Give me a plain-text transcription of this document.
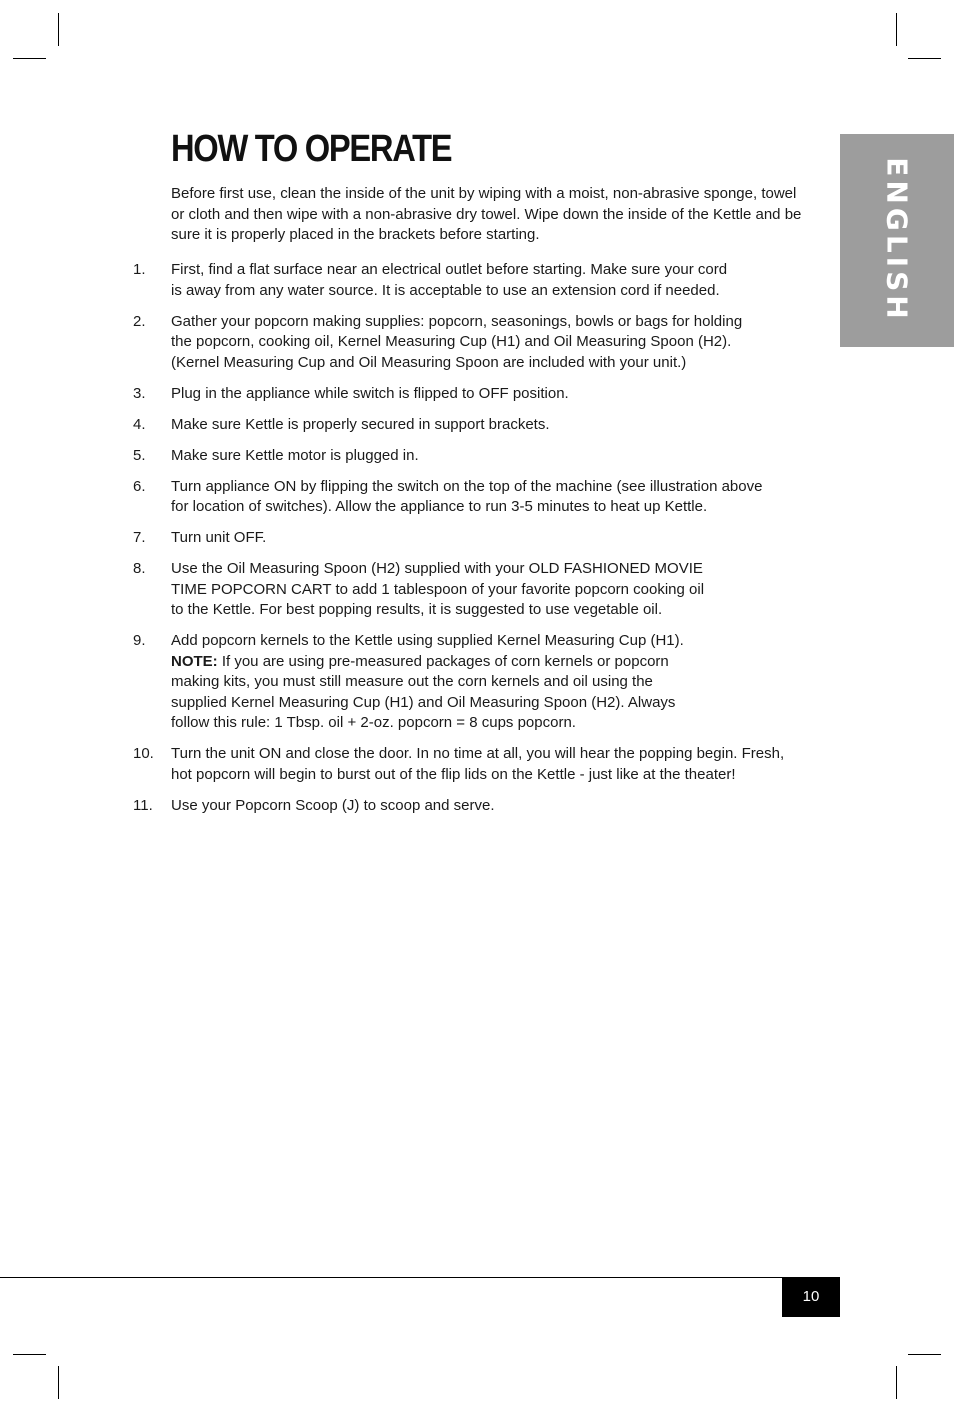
ENGLISH
HOW TO OPERATE

Before first use, clean the inside of the unit by wiping with a moist, non-abrasive sponge, towel or cloth and then wipe with a non-abrasive dry towel. Wipe down the inside of the Kettle and be sure it is properly placed in the brackets before starting.

1. First, find a flat surface near an electrical outlet before starting. Make sure your cord
is away from any water source. It is acceptable to use an extension cord if needed.
2. Gather your popcorn making supplies: popcorn, seasonings, bowls or bags for holding
the popcorn, cooking oil, Kernel Measuring Cup (H1) and Oil Measuring Spoon (H2).
(Kernel Measuring Cup and Oil Measuring Spoon are included with your unit.)
3. Plug in the appliance while switch is flipped to OFF position.
4. Make sure Kettle is properly secured in support brackets.
5. Make sure Kettle motor is plugged in.
6. Turn appliance ON by flipping the switch on the top of the machine (see illustration above
for location of switches). Allow the appliance to run 3-5 minutes to heat up Kettle.
7. Turn unit OFF.
8. Use the Oil Measuring Spoon (H2) supplied with your OLD FASHIONED MOVIE
TIME POPCORN CART to add 1 tablespoon of your favorite popcorn cooking oil
to the Kettle. For best popping results, it is suggested to use vegetable oil.
9. Add popcorn kernels to the Kettle using supplied Kernel Measuring Cup (H1).
NOTE: If you are using pre-measured packages of corn kernels or popcorn
making kits, you must still measure out the corn kernels and oil using the
supplied Kernel Measuring Cup (H1) and Oil Measuring Spoon (H2). Always
follow this rule: 1 Tbsp. oil + 2-oz. popcorn = 8 cups popcorn.
10. Turn the unit ON and close the door. In no time at all, you will hear the popping begin. Fresh,
hot popcorn will begin to burst out of the flip lids on the Kettle - just like at the theater!
11. Use your Popcorn Scoop (J) to scoop and serve.
10
